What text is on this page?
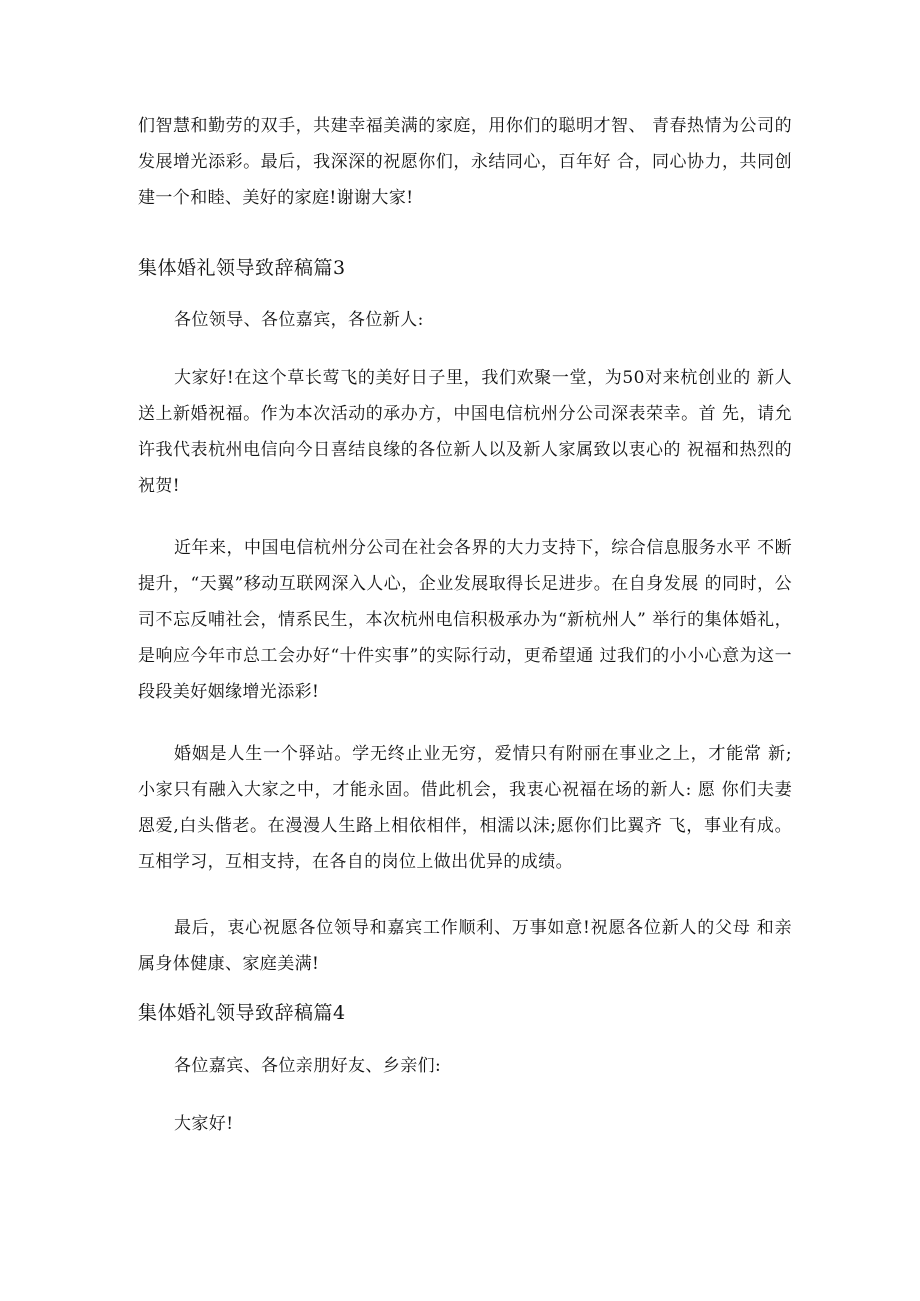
们智慧和勤劳的双手，共建幸福美满的家庭，用你们的聪明才智、 青春热情为公司的发展增光添彩。最后，我深深的祝愿你们，永结同心，百年好 合，同心协力，共同创建一个和睦、美好的家庭!谢谢大家!

集体婚礼领导致辞稿篇3

各位领导、各位嘉宾，各位新人:

大家好!在这个草长莺飞的美好日子里，我们欢聚一堂，为50对来杭创业的 新人送上新婚祝福。作为本次活动的承办方，中国电信杭州分公司深表荣幸。首 先，请允许我代表杭州电信向今日喜结良缘的各位新人以及新人家属致以衷心的 祝福和热烈的祝贺!

近年来，中国电信杭州分公司在社会各界的大力支持下，综合信息服务水平 不断提升，“天翼”移动互联网深入人心，企业发展取得长足进步。在自身发展 的同时，公司不忘反哺社会，情系民生，本次杭州电信积极承办为“新杭州人” 举行的集体婚礼，是响应今年市总工会办好“十件实事”的实际行动，更希望通 过我们的小小心意为这一段段美好姻缘增光添彩!

婚姻是人生一个驿站。学无终止业无穷，爱情只有附丽在事业之上，才能常 新;小家只有融入大家之中，才能永固。借此机会，我衷心祝福在场的新人: 愿 你们夫妻恩爱,白头偕老。在漫漫人生路上相依相伴，相濡以沫;愿你们比翼齐 飞，事业有成。互相学习，互相支持，在各自的岗位上做出优异的成绩。

最后，衷心祝愿各位领导和嘉宾工作顺利、万事如意!祝愿各位新人的父母 和亲属身体健康、家庭美满!

集体婚礼领导致辞稿篇4

各位嘉宾、各位亲朋好友、乡亲们:

大家好!
